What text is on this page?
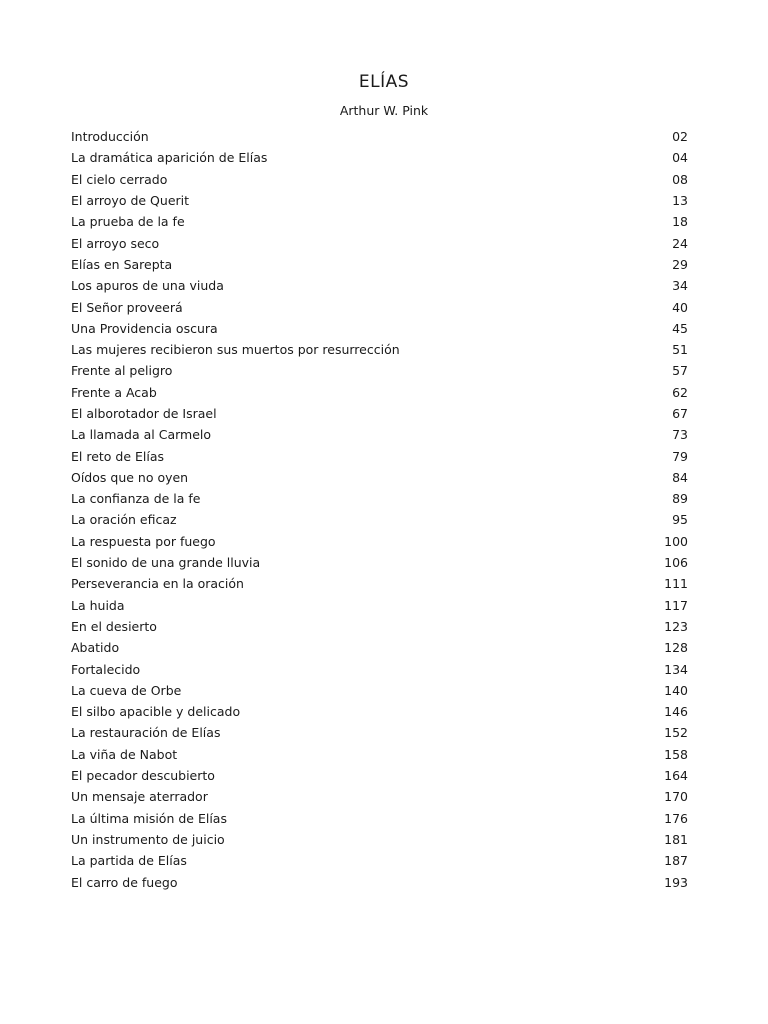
ELÍAS
Arthur W. Pink
Introducción	02
La dramática aparición de Elías	04
El cielo cerrado	08
El arroyo de Querit	13
La prueba de la fe	18
El arroyo seco	24
Elías en Sarepta	29
Los apuros de una viuda	34
El Señor proveerá	40
Una Providencia oscura	45
Las mujeres recibieron sus muertos por resurrección	51
Frente al peligro	57
Frente a Acab	62
El alborotador de Israel	67
La llamada al Carmelo	73
El reto de Elías	79
Oídos que no oyen	84
La confianza de la fe	89
La oración eficaz	95
La respuesta por fuego	100
El sonido de una grande lluvia	106
Perseverancia en la oración	111
La huida	117
En el desierto	123
Abatido	128
Fortalecido	134
La cueva de Orbe	140
El silbo apacible y delicado	146
La restauración de Elías	152
La viña de Nabot	158
El pecador descubierto	164
Un mensaje aterrador	170
La última misión de Elías	176
Un instrumento de juicio	181
La partida de Elías	187
El carro de fuego	193
